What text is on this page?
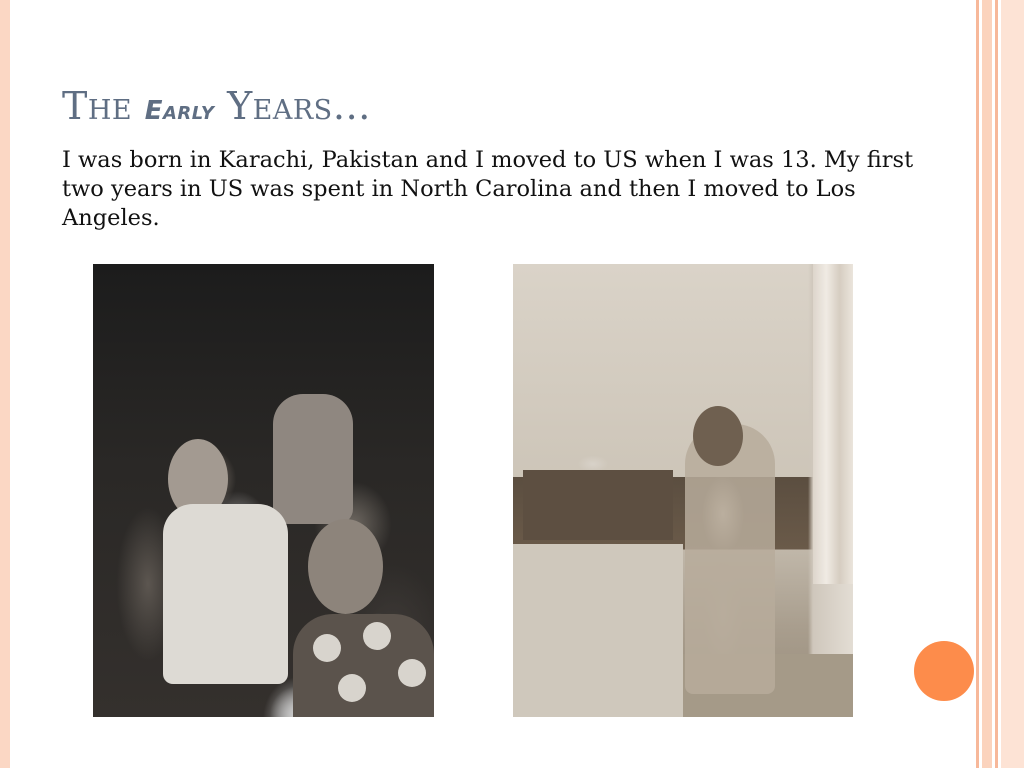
The Early Years…

I was born in Karachi, Pakistan and I moved to US when I was 13. My first two years in US was spent in North Carolina and then I moved to Los Angeles.
